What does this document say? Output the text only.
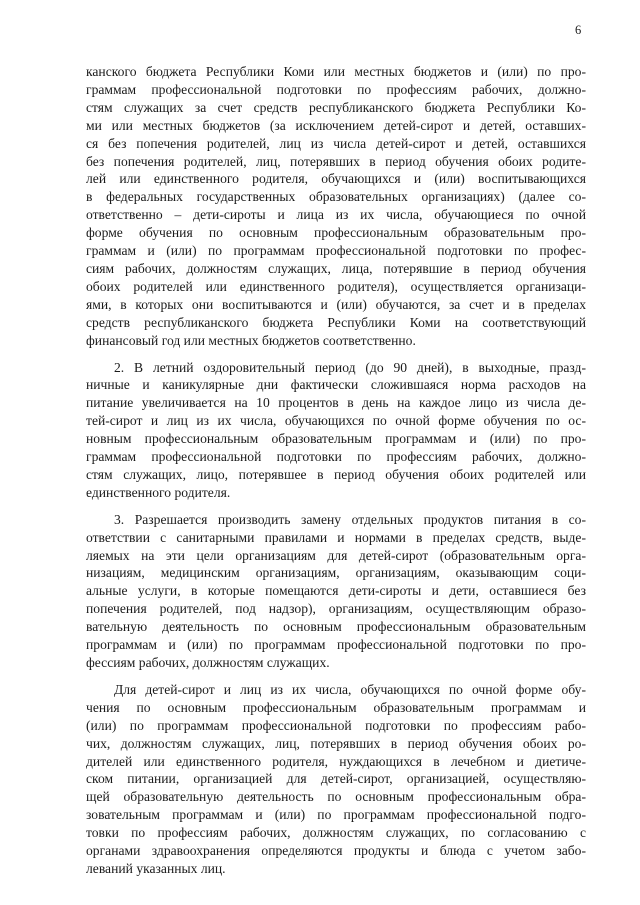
6

канского бюджета Республики Коми или местных бюджетов и (или) по про-
граммам профессиональной подготовки по профессиям рабочих, должно-
стям служащих за счет средств республиканского бюджета Республики Ко-
ми или местных бюджетов (за исключением детей-сирот и детей, оставших-
ся без попечения родителей, лиц из числа детей-сирот и детей, оставшихся
без попечения родителей, лиц, потерявших в период обучения обоих родите-
лей или единственного родителя, обучающихся и (или) воспитывающихся
в федеральных государственных образовательных организациях) (далее со-
ответственно – дети-сироты и лица из их числа, обучающиеся по очной
форме обучения по основным профессиональным образовательным про-
граммам и (или) по программам профессиональной подготовки по профес-
сиям рабочих, должностям служащих, лица, потерявшие в период обучения
обоих родителей или единственного родителя), осуществляется организаци-
ями, в которых они воспитываются и (или) обучаются, за счет и в пределах
средств республиканского бюджета Республики Коми на соответствующий
финансовый год или местных бюджетов соответственно.

2. В летний оздоровительный период (до 90 дней), в выходные, празд-
ничные и каникулярные дни фактически сложившаяся норма расходов на
питание увеличивается на 10 процентов в день на каждое лицо из числа де-
тей-сирот и лиц из их числа, обучающихся по очной форме обучения по ос-
новным профессиональным образовательным программам и (или) по про-
граммам профессиональной подготовки по профессиям рабочих, должно-
стям служащих, лицо, потерявшее в период обучения обоих родителей или
единственного родителя.

3. Разрешается производить замену отдельных продуктов питания в со-
ответствии с санитарными правилами и нормами в пределах средств, выде-
ляемых на эти цели организациям для детей-сирот (образовательным орга-
низациям, медицинским организациям, организациям, оказывающим соци-
альные услуги, в которые помещаются дети-сироты и дети, оставшиеся без
попечения родителей, под надзор), организациям, осуществляющим образо-
вательную деятельность по основным профессиональным образовательным
программам и (или) по программам профессиональной подготовки по про-
фессиям рабочих, должностям служащих.

Для детей-сирот и лиц из их числа, обучающихся по очной форме обу-
чения по основным профессиональным образовательным программам и
(или) по программам профессиональной подготовки по профессиям рабо-
чих, должностям служащих, лиц, потерявших в период обучения обоих ро-
дителей или единственного родителя, нуждающихся в лечебном и диетиче-
ском питании, организацией для детей-сирот, организацией, осуществляю-
щей образовательную деятельность по основным профессиональным обра-
зовательным программам и (или) по программам профессиональной подго-
товки по профессиям рабочих, должностям служащих, по согласованию с
органами здравоохранения определяются продукты и блюда с учетом забо-
леваний указанных лиц.
